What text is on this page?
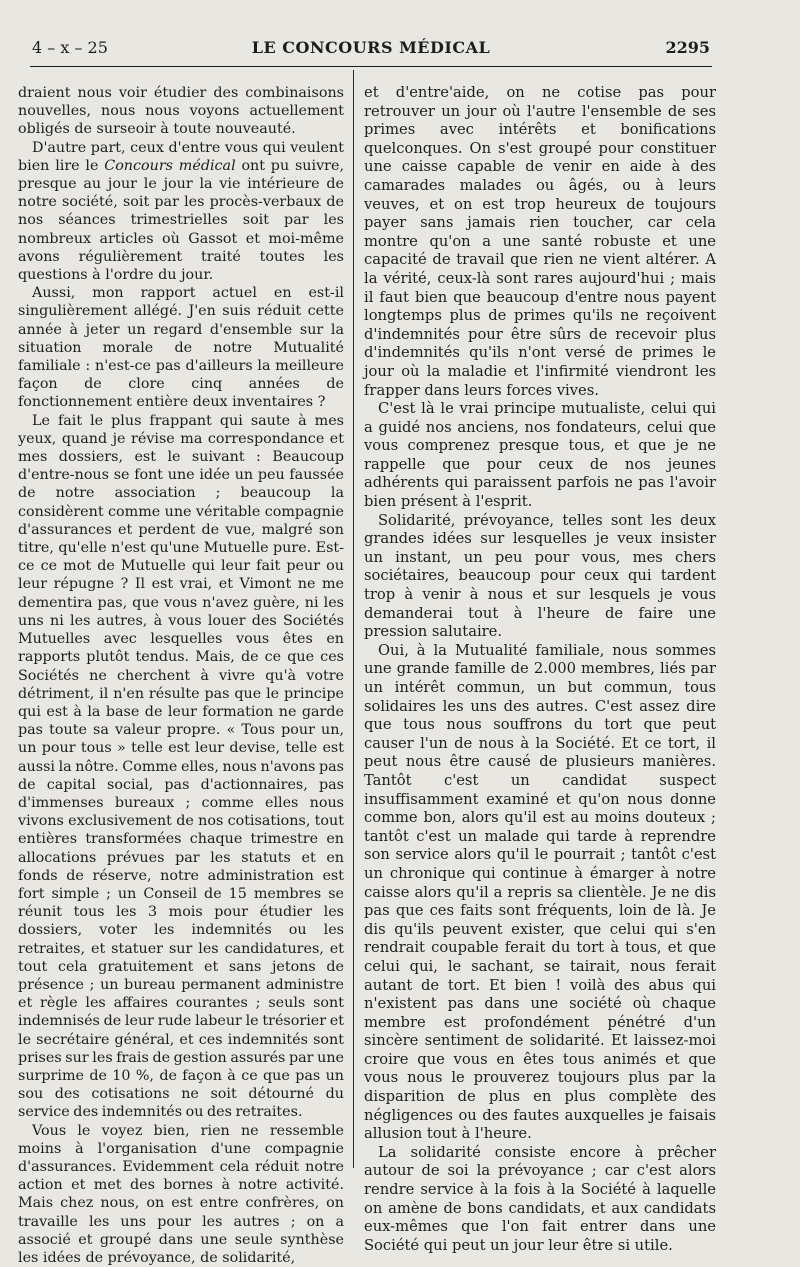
4 – x – 25	LE CONCOURS MÉDICAL	2295

draient nous voir étudier des combinaisons nouvelles, nous nous voyons actuellement obligés de surseoir à toute nouveauté.

D'autre part, ceux d'entre vous qui veulent bien lire le Concours médical ont pu suivre, presque au jour le jour la vie intérieure de notre société, soit par les procès-verbaux de nos séances trimestrielles soit par les nombreux articles où Gassot et moi-même avons régulièrement traité toutes les questions à l'ordre du jour.

Aussi, mon rapport actuel en est-il singulièrement allégé. J'en suis réduit cette année à jeter un regard d'ensemble sur la situation morale de notre Mutualité familiale : n'est-ce pas d'ailleurs la meilleure façon de clore cinq années de fonctionnement entière deux inventaires ?

Le fait le plus frappant qui saute à mes yeux, quand je révise ma correspondance et mes dossiers, est le suivant : Beaucoup d'entre-nous se font une idée un peu faussée de notre association ; beaucoup la considèrent comme une véritable compagnie d'assurances et perdent de vue, malgré son titre, qu'elle n'est qu'une Mutuelle pure. Est-ce ce mot de Mutuelle qui leur fait peur ou leur répugne ? Il est vrai, et Vimont ne me dementira pas, que vous n'avez guère, ni les uns ni les autres, à vous louer des Sociétés Mutuelles avec lesquelles vous êtes en rapports plutôt tendus. Mais, de ce que ces Sociétés ne cherchent à vivre qu'à votre détriment, il n'en résulte pas que le principe qui est à la base de leur formation ne garde pas toute sa valeur propre. « Tous pour un, un pour tous » telle est leur devise, telle est aussi la nôtre. Comme elles, nous n'avons pas de capital social, pas d'actionnaires, pas d'immenses bureaux ; comme elles nous vivons exclusivement de nos cotisations, tout entières transformées chaque trimestre en allocations prévues par les statuts et en fonds de réserve, notre administration est fort simple ; un Conseil de 15 membres se réunit tous les 3 mois pour étudier les dossiers, voter les indemnités ou les retraites, et statuer sur les candidatures, et tout cela gratuitement et sans jetons de présence ; un bureau permanent administre et règle les affaires courantes ; seuls sont indemnisés de leur rude labeur le trésorier et le secrétaire général, et ces indemnités sont prises sur les frais de gestion assurés par une surprime de 10 %, de façon à ce que pas un sou des cotisations ne soit détourné du service des indemnités ou des retraites.

Vous le voyez bien, rien ne ressemble moins à l'organisation d'une compagnie d'assurances. Evidemment cela réduit notre action et met des bornes à notre activité. Mais chez nous, on est entre confrères, on travaille les uns pour les autres ; on a associé et groupé dans une seule synthèse les idées de prévoyance, de solidarité,

et d'entre'aide, on ne cotise pas pour retrouver un jour où l'autre l'ensemble de ses primes avec intérêts et bonifications quelconques. On s'est groupé pour constituer une caisse capable de venir en aide à des camarades malades ou âgés, ou à leurs veuves, et on est trop heureux de toujours payer sans jamais rien toucher, car cela montre qu'on a une santé robuste et une capacité de travail que rien ne vient altérer. A la vérité, ceux-là sont rares aujourd'hui ; mais il faut bien que beaucoup d'entre nous payent longtemps plus de primes qu'ils ne reçoivent d'indemnités pour être sûrs de recevoir plus d'indemnités qu'ils n'ont versé de primes le jour où la maladie et l'infirmité viendront les frapper dans leurs forces vives.

C'est là le vrai principe mutualiste, celui qui a guidé nos anciens, nos fondateurs, celui que vous comprenez presque tous, et que je ne rappelle que pour ceux de nos jeunes adhérents qui paraissent parfois ne pas l'avoir bien présent à l'esprit.

Solidarité, prévoyance, telles sont les deux grandes idées sur lesquelles je veux insister un instant, un peu pour vous, mes chers sociétaires, beaucoup pour ceux qui tardent trop à venir à nous et sur lesquels je vous demanderai tout à l'heure de faire une pression salutaire.

Oui, à la Mutualité familiale, nous sommes une grande famille de 2.000 membres, liés par un intérêt commun, un but commun, tous solidaires les uns des autres. C'est assez dire que tous nous souffrons du tort que peut causer l'un de nous à la Société. Et ce tort, il peut nous être causé de plusieurs manières. Tantôt c'est un candidat suspect insuffisamment examiné et qu'on nous donne comme bon, alors qu'il est au moins douteux ; tantôt c'est un malade qui tarde à reprendre son service alors qu'il le pourrait ; tantôt c'est un chronique qui continue à émarger à notre caisse alors qu'il a repris sa clientèle. Je ne dis pas que ces faits sont fréquents, loin de là. Je dis qu'ils peuvent exister, que celui qui s'en rendrait coupable ferait du tort à tous, et que celui qui, le sachant, se tairait, nous ferait autant de tort. Et bien ! voilà des abus qui n'existent pas dans une société où chaque membre est profondément pénétré d'un sincère sentiment de solidarité. Et laissez-moi croire que vous en êtes tous animés et que vous nous le prouverez toujours plus par la disparition de plus en plus complète des négligences ou des fautes auxquelles je faisais allusion tout à l'heure.

La solidarité consiste encore à prêcher autour de soi la prévoyance ; car c'est alors rendre service à la fois à la Société à laquelle on amène de bons candidats, et aux candidats eux-mêmes que l'on fait entrer dans une Société qui peut un jour leur être si utile.
